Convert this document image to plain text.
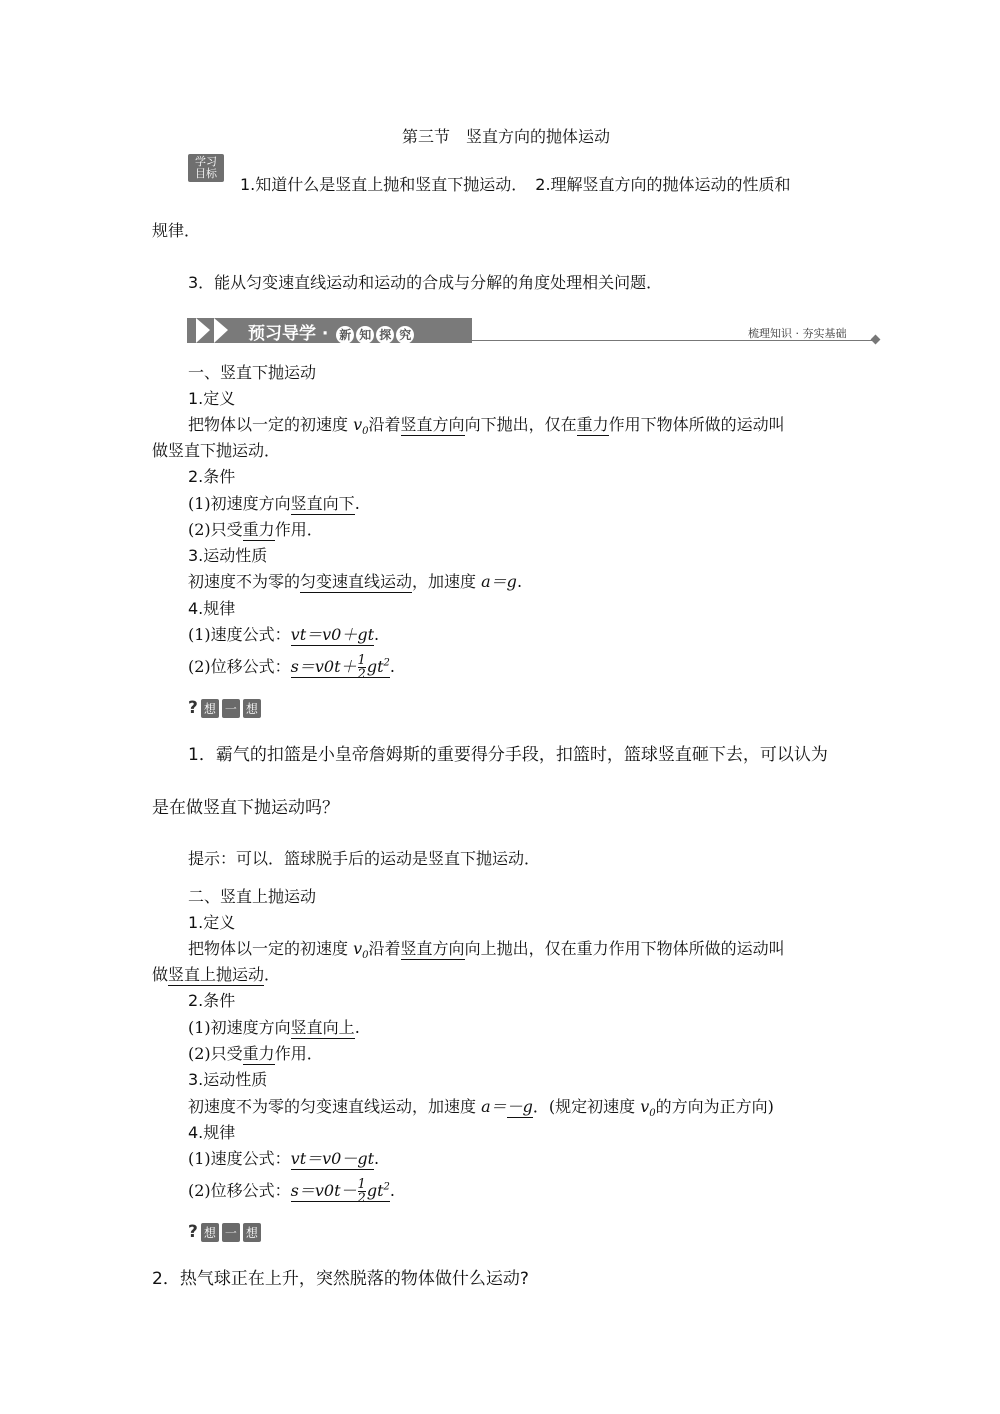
第三节　竖直方向的抛体运动
学习
目标
1.知道什么是竖直上抛和竖直下抛运动．　2.理解竖直方向的抛体运动的性质和
规律．
3．能从匀变速直线运动和运动的合成与分解的角度处理相关问题．
预习导学 · 新 知 探 究	梳理知识 · 夯实基础
一、竖直下抛运动
1.定义
把物体以一定的初速度 $v_0$沿着竖直方向向下抛出，仅在重力作用下物体所做的运动叫
做竖直下抛运动．
2.条件
(1)初速度方向竖直向下.
(2)只受重力作用．
3.运动性质
初速度不为零的匀变速直线运动，加速度 a＝g.
4.规律
(1)速度公式：vt＝v0＋gt.
(2)位移公式：$s=v0t+ \frac{1}{2} gt^2$.
? 想 一 想
1．霸气的扣篮是小皇帝詹姆斯的重要得分手段，扣篮时，篮球竖直砸下去，可以认为
是在做竖直下抛运动吗？
提示：可以．篮球脱手后的运动是竖直下抛运动．
二、竖直上抛运动
1.定义
把物体以一定的初速度 $v_0$沿着竖直方向向上抛出，仅在重力作用下物体所做的运动叫
做竖直上抛运动．
2.条件
(1)初速度方向竖直向上.
(2)只受重力作用．
3.运动性质
初速度不为零的匀变速直线运动，加速度 a＝－g．(规定初速度 $v_0$的方向为正方向)
4.规律
(1)速度公式：vt＝v0－gt.
(2)位移公式：$s=v0t- \frac{1}{2} gt^2$.
? 想 一 想
2．热气球正在上升，突然脱落的物体做什么运动?
